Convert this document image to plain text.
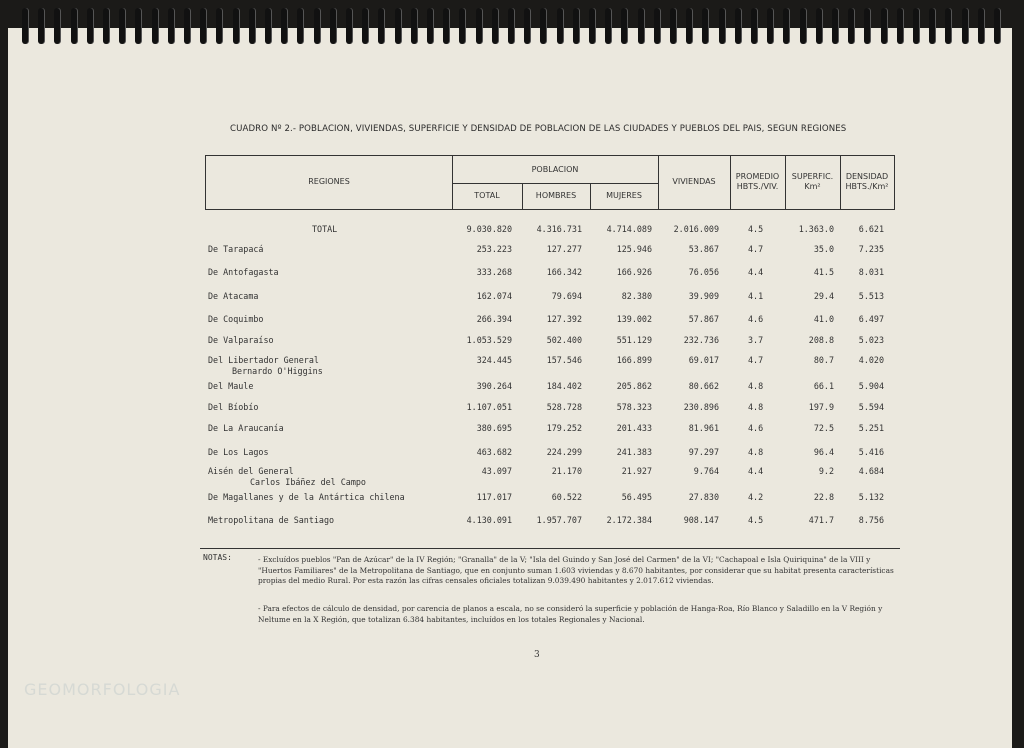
GEOMORFOLOGIA
CUADRO Nº 2.- POBLACION, VIVIENDAS, SUPERFICIE Y DENSIDAD DE POBLACION DE LAS CIUDADES Y PUEBLOS DEL PAIS, SEGUN REGIONES
REGIONES
POBLACION
TOTAL	HOMBRES	MUJERES
VIVIENDAS
PROMEDIO HBTS./VIV.
SUPERFIC. Km²
DENSIDAD HBTS./Km²
TOTAL	9.030.820	4.316.731	4.714.089	2.016.009	4.5	1.363.0	6.621
De Tarapacá	253.223	127.277	125.946	53.867	4.7	35.0	7.235
De Antofagasta	333.268	166.342	166.926	76.056	4.4	41.5	8.031
De Atacama	162.074	79.694	82.380	39.909	4.1	29.4	5.513
De Coquimbo	266.394	127.392	139.002	57.867	4.6	41.0	6.497
De Valparaíso	1.053.529	502.400	551.129	232.736	3.7	208.8	5.023
Del Libertador General	324.445	157.546	166.899	69.017	4.7	80.7	4.020
Bernardo O'Higgins
Del Maule	390.264	184.402	205.862	80.662	4.8	66.1	5.904
Del Bíobío	1.107.051	528.728	578.323	230.896	4.8	197.9	5.594
De La Araucanía	380.695	179.252	201.433	81.961	4.6	72.5	5.251
De Los Lagos	463.682	224.299	241.383	97.297	4.8	96.4	5.416
Aisén del General	43.097	21.170	21.927	9.764	4.4	9.2	4.684
Carlos Ibáñez del Campo
De Magallanes y de la Antártica chilena	117.017	60.522	56.495	27.830	4.2	22.8	5.132
Metropolitana de Santiago	4.130.091	1.957.707	2.172.384	908.147	4.5	471.7	8.756
NOTAS:	- Excluídos pueblos "Pan de Azúcar" de la IV Región; "Granalla" de la V; "Isla del Guindo y San José del Carmen" de la VI; "Cachapoal e Isla Quiriquina" de la VIII y "Huertos Familiares" de la Metropolitana de Santiago, que en conjunto suman 1.603 viviendas y 8.670 habitantes, por considerar que su habitat presenta características propias del medio Rural. Por esta razón las cifras censales oficiales totalizan 9.039.490 habitantes y 2.017.612 viviendas.
- Para efectos de cálculo de densidad, por carencia de planos a escala, no se consideró la superficie y población de Hanga-Roa, Río Blanco y Saladillo en la V Región y Neltume en la X Región, que totalizan 6.384 habitantes, incluídos en los totales Regionales y Nacional.
3
